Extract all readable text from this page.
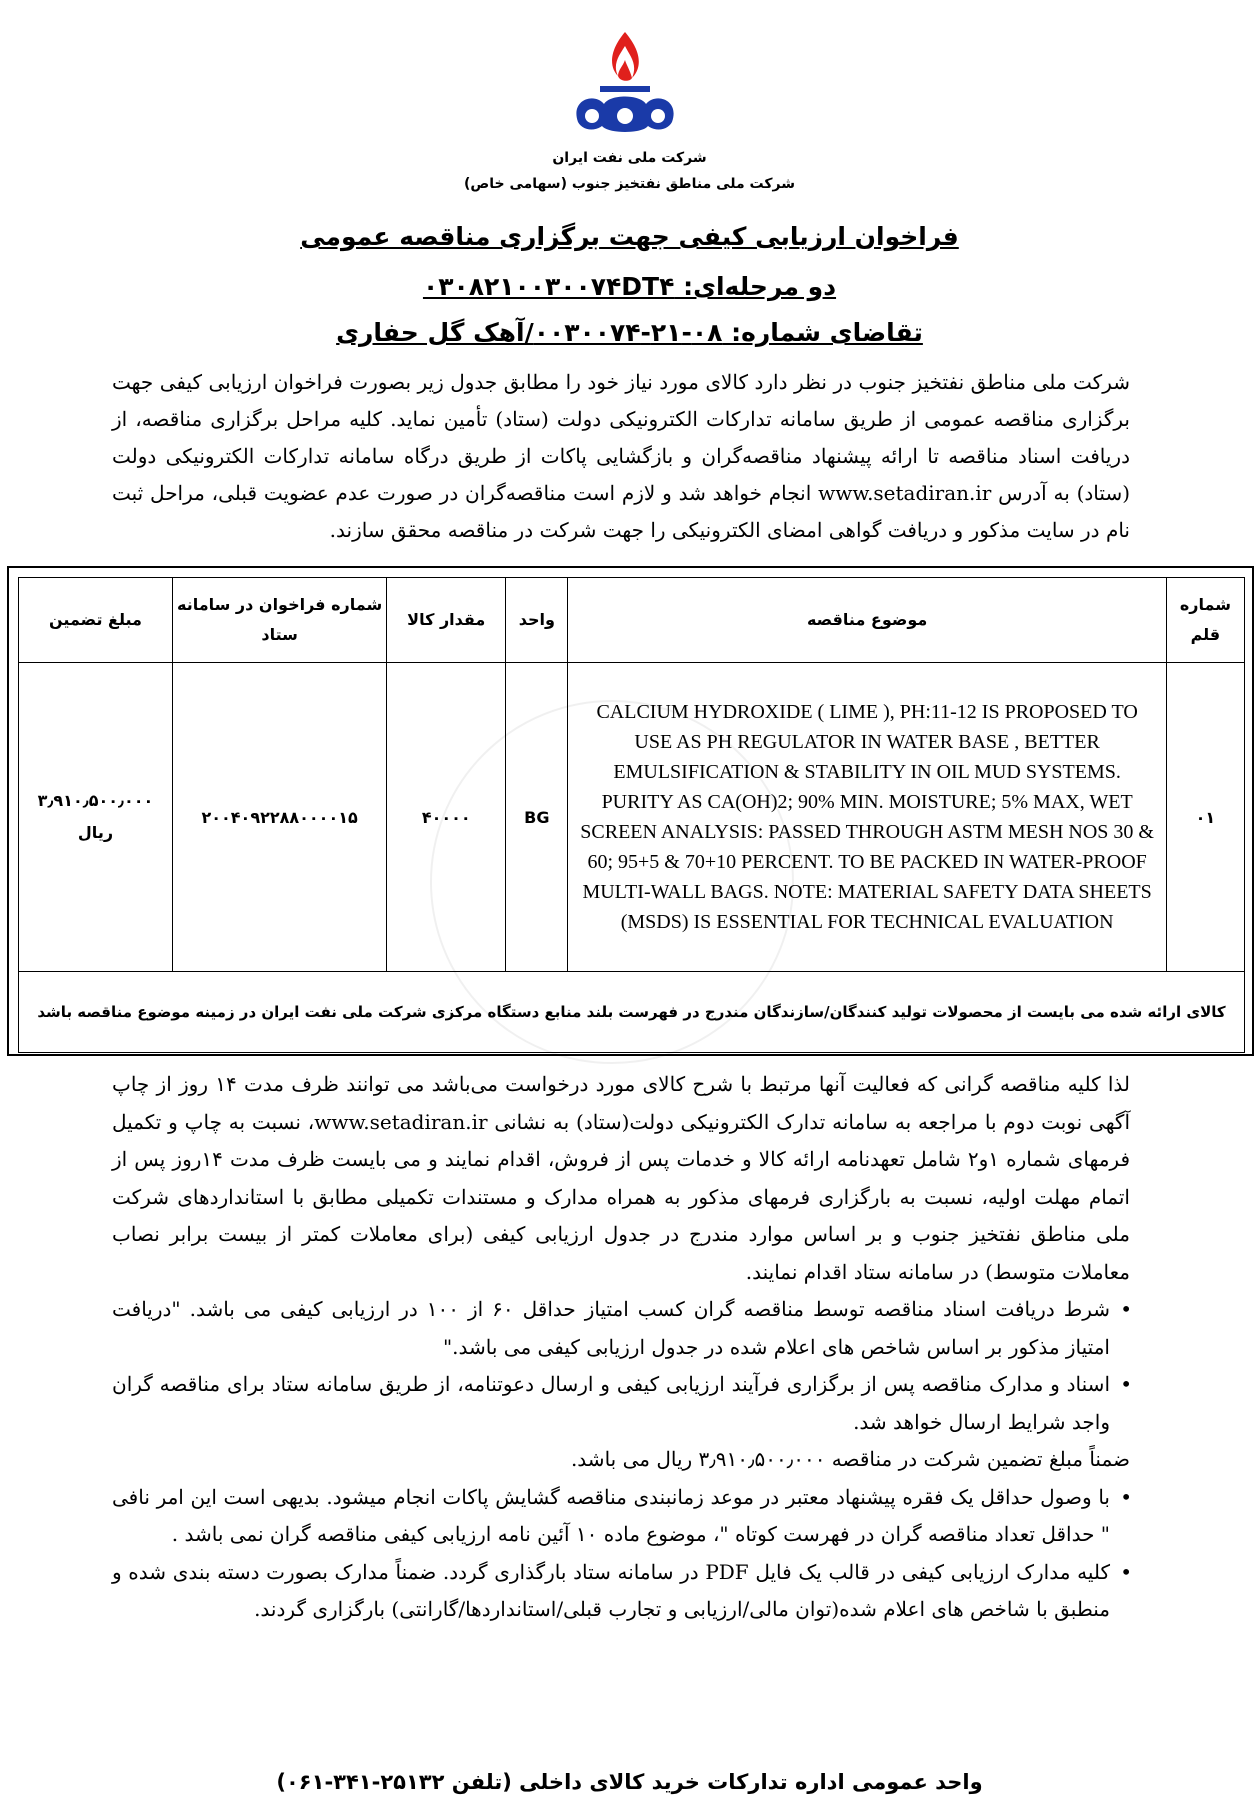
شرکت ملی نفت ایران
شرکت ملی مناطق نفتخیز جنوب (سهامی خاص)
فراخوان ارزیابی کیفی جهت برگزاری مناقصه عمومی
دو مرحله‌ای: ۰۳۰۸۲۱۰۰۳۰۰۷۴DT۴
تقاضای شماره: ۰۸-۲۱-۰۰۳۰۰۷۴/آهک گل حفاری
شرکت ملی مناطق نفتخیز جنوب در نظر دارد کالای مورد نیاز خود را مطابق جدول زیر بصورت فراخوان ارزیابی کیفی جهت برگزاری مناقصه عمومی از طریق سامانه تدارکات الکترونیکی دولت (ستاد) تأمین نماید. کلیه مراحل برگزاری مناقصه، از دریافت اسناد مناقصه تا ارائه پیشنهاد مناقصه‌گران و بازگشایی پاکات از طریق درگاه سامانه تدارکات الکترونیکی دولت (ستاد) به آدرس www.setadiran.ir انجام خواهد شد و لازم است مناقصه‌گران در صورت عدم عضویت قبلی، مراحل ثبت نام در سایت مذکور و دریافت گواهی امضای الکترونیکی را جهت شرکت در مناقصه محقق سازند.
شماره قلم	موضوع مناقصه	واحد	مقدار کالا	شماره فراخوان در سامانه ستاد	مبلغ تضمین
۰۱	CALCIUM HYDROXIDE ( LIME ), PH:11-12 IS PROPOSED TO USE AS PH REGULATOR IN WATER BASE , BETTER EMULSIFICATION & STABILITY IN OIL MUD SYSTEMS. PURITY AS CA(OH)2; 90% MIN. MOISTURE; 5% MAX, WET SCREEN ANALYSIS: PASSED THROUGH ASTM MESH NOS 30 & 60; 95+5 & 70+10 PERCENT. TO BE PACKED IN WATER-PROOF MULTI-WALL BAGS. NOTE: MATERIAL SAFETY DATA SHEETS (MSDS) IS ESSENTIAL FOR TECHNICAL EVALUATION	BG	۴۰۰۰۰	۲۰۰۴۰۹۲۲۸۸۰۰۰۰۱۵	۳٫۹۱۰٫۵۰۰٫۰۰۰ ریال
کالای ارائه شده می بایست از محصولات تولید کنندگان/سازندگان مندرج در فهرست بلند منابع دستگاه مرکزی شرکت ملی نفت ایران در زمینه موضوع مناقصه باشد					

لذا کلیه مناقصه گرانی که فعالیت آنها مرتبط با شرح کالای مورد درخواست می‌باشد می توانند ظرف مدت ۱۴ روز از چاپ آگهی نوبت دوم با مراجعه به سامانه تدارک الکترونیکی دولت(ستاد) به نشانی www.setadiran.ir، نسبت به چاپ و تکمیل فرمهای شماره ۱و۲ شامل تعهدنامه ارائه کالا و خدمات پس از فروش، اقدام نمایند و می بایست ظرف مدت ۱۴روز پس از اتمام مهلت اولیه، نسبت به بارگزاری فرمهای مذکور به همراه مدارک و مستندات تکمیلی مطابق با استانداردهای شرکت ملی مناطق نفتخیز جنوب و بر اساس موارد مندرج در جدول ارزیابی کیفی (برای معاملات کمتر از بیست برابر نصاب معاملات متوسط) در سامانه ستاد اقدام نمایند.

• شرط دریافت اسناد مناقصه توسط مناقصه گران کسب امتیاز حداقل ۶۰ از ۱۰۰ در ارزیابی کیفی می باشد. "دریافت امتیاز مذکور بر اساس شاخص های اعلام شده در جدول ارزیابی کیفی می باشد."

• اسناد و مدارک مناقصه پس از برگزاری فرآیند ارزیابی کیفی و ارسال دعوتنامه، از طریق سامانه ستاد برای مناقصه گران واجد شرایط ارسال خواهد شد.

ضمناً مبلغ تضمین شرکت در مناقصه ۳٫۹۱۰٫۵۰۰٫۰۰۰ ریال می باشد.

• با وصول حداقل یک فقره پیشنهاد معتبر در موعد زمانبندی مناقصه گشایش پاکات انجام میشود. بدیهی است این امر نافی " حداقل تعداد مناقصه گران در فهرست کوتاه "، موضوع ماده ۱۰ آئین نامه ارزیابی کیفی مناقصه گران نمی باشد .

• کلیه مدارک ارزیابی کیفی در قالب یک فایل PDF در سامانه ستاد بارگذاری گردد. ضمناً مدارک بصورت دسته بندی شده و منطبق با شاخص های اعلام شده(توان مالی/ارزیابی و تجارب قبلی/استانداردها/گارانتی) بارگزاری گردند.

واحد عمومی اداره تدارکات خرید کالای داخلی (تلفن ۲۵۱۳۲-۳۴۱-۰۶۱)
